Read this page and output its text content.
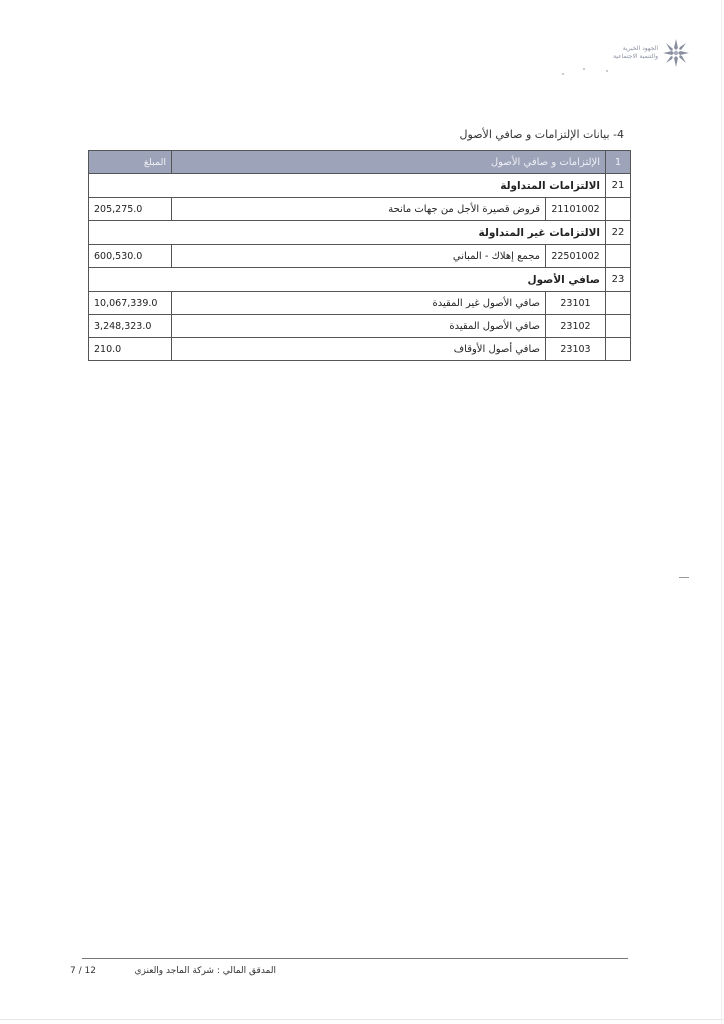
الجهود الخيرية
والتنمية الاجتماعية
4- بيانات الإلتزامات و صافي الأصول
1	الإلتزامات و صافي الأصول		المبلغ
21	الالتزامات المتداولة		
	21101002	قروض قصيرة الأجل من جهات مانحة	205,275.0
22	الالتزامات غير المتداولة		
	22501002	مجمع إهلاك - المباني	600,530.0
23	صافي الأصول		
	23101	صافي الأصول غير المقيدة	10,067,339.0
	23102	صافي الأصول المقيدة	3,248,323.0
	23103	صافي أصول الأوقاف	210.0
المدقق المالي : شركة الماجد والعنزي
7 / 12
